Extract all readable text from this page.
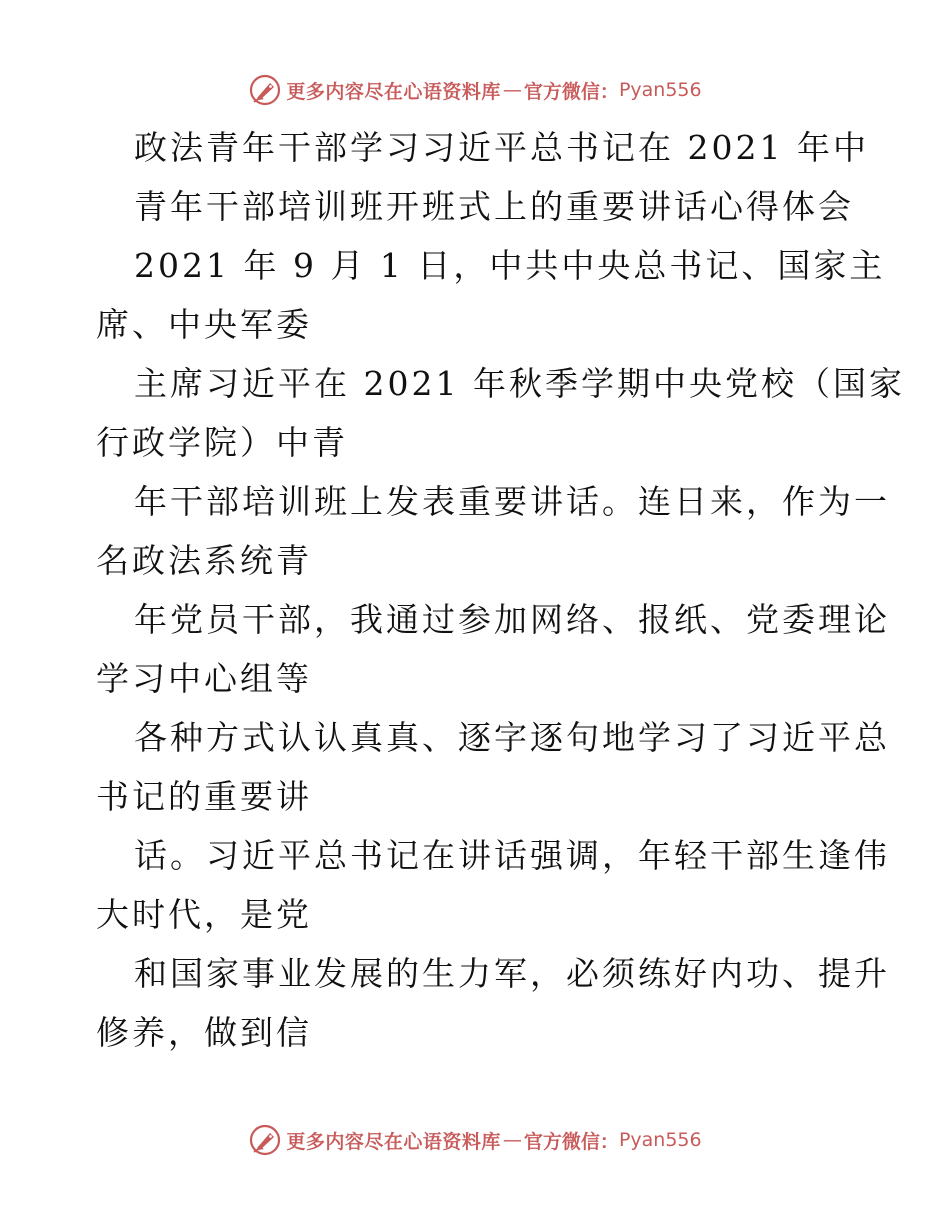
更多内容尽在心语资料库 — 官方微信： Pyan556
政法青年干部学习习近平总书记在 2021 年中
青年干部培训班开班式上的重要讲话心得体会
2021 年 9 月 1 日，中共中央总书记、国家主
席、中央军委
主席习近平在 2021 年秋季学期中央党校（国家
行政学院）中青
年干部培训班上发表重要讲话。连日来，作为一
名政法系统青
年党员干部，我通过参加网络、报纸、党委理论
学习中心组等
各种方式认认真真、逐字逐句地学习了习近平总
书记的重要讲
话。习近平总书记在讲话强调，年轻干部生逢伟
大时代，是党
和国家事业发展的生力军，必须练好内功、提升
修养，做到信
更多内容尽在心语资料库 — 官方微信： Pyan556
